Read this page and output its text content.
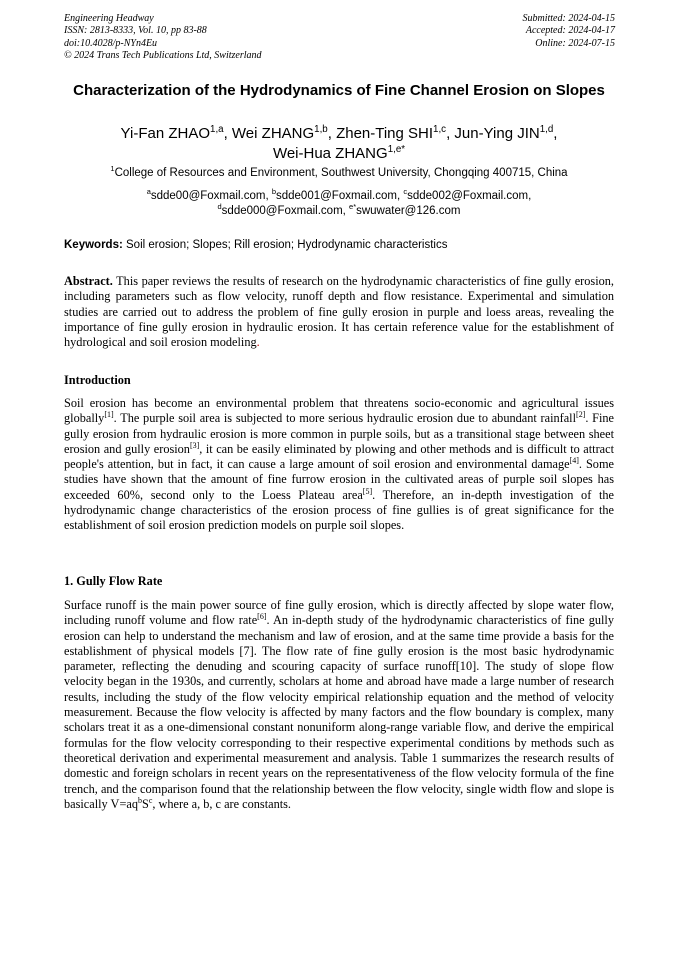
Engineering Headway
ISSN: 2813-8333, Vol. 10, pp 83-88
doi:10.4028/p-NYn4Eu
© 2024 Trans Tech Publications Ltd, Switzerland
Submitted: 2024-04-15
Accepted: 2024-04-17
Online: 2024-07-15
Characterization of the Hydrodynamics of Fine Channel Erosion on Slopes
Yi-Fan ZHAO$^{1,a}$, Wei ZHANG$^{1,b}$, Zhen-Ting SHI$^{1,c}$, Jun-Ying JIN$^{1,d}$,
Wei-Hua $ZHANG^{1,e*}$
$^1$College of Resources and Environment, Southwest University, Chongqing 400715, China
$^a$sdde00@Foxmail.com, $^b$sdde001@Foxmail.com, $^c$sdde002@Foxmail.com,
$^d$sdde000@Foxmail.com, $^{e*}$swuwater@126.com
Keywords: Soil erosion; Slopes; Rill erosion; Hydrodynamic characteristics
Abstract. This paper reviews the results of research on the hydrodynamic characteristics of fine gully erosion, including parameters such as flow velocity, runoff depth and flow resistance. Experimental and simulation studies are carried out to address the problem of fine gully erosion in purple and loess areas, revealing the importance of fine gully erosion in hydraulic erosion. It has certain reference value for the establishment of hydrological and soil erosion modeling.
Introduction
Soil erosion has become an environmental problem that threatens socio-economic and agricultural issues globally[1]. The purple soil area is subjected to more serious hydraulic erosion due to abundant rainfall[2]. Fine gully erosion from hydraulic erosion is more common in purple soils, but as a transitional stage between sheet erosion and gully erosion[3], it can be easily eliminated by plowing and other methods and is difficult to attract people's attention, but in fact, it can cause a large amount of soil erosion and environmental damage[4]. Some studies have shown that the amount of fine furrow erosion in the cultivated areas of purple soil slopes has exceeded 60%, second only to the Loess Plateau area[5]. Therefore, an in-depth investigation of the hydrodynamic change characteristics of the erosion process of fine gullies is of great significance for the establishment of soil erosion prediction models on purple soil slopes.
1. Gully Flow Rate
Surface runoff is the main power source of fine gully erosion, which is directly affected by slope water flow, including runoff volume and flow rate[6]. An in-depth study of the hydrodynamic characteristics of fine gully erosion can help to understand the mechanism and law of erosion, and at the same time provide a basis for the establishment of physical models [7]. The flow rate of fine gully erosion is the most basic hydrodynamic parameter, reflecting the denuding and scouring capacity of surface runoff[10]. The study of slope flow velocity began in the 1930s, and currently, scholars at home and abroad have made a large number of research results, including the study of the flow velocity empirical relationship equation and the method of velocity measurement. Because the flow velocity is affected by many factors and the flow boundary is complex, many scholars treat it as a one-dimensional constant nonuniform along-range variable flow, and derive the empirical formulas for the flow velocity corresponding to their respective experimental conditions by methods such as theoretical derivation and experimental measurement and analysis. Table 1 summarizes the research results of domestic and foreign scholars in recent years on the representativeness of the flow velocity formula of the fine trench, and the comparison found that the relationship between the flow velocity, single width flow and slope is basically $V=aq^bS^c$, where a, b, c are constants.
